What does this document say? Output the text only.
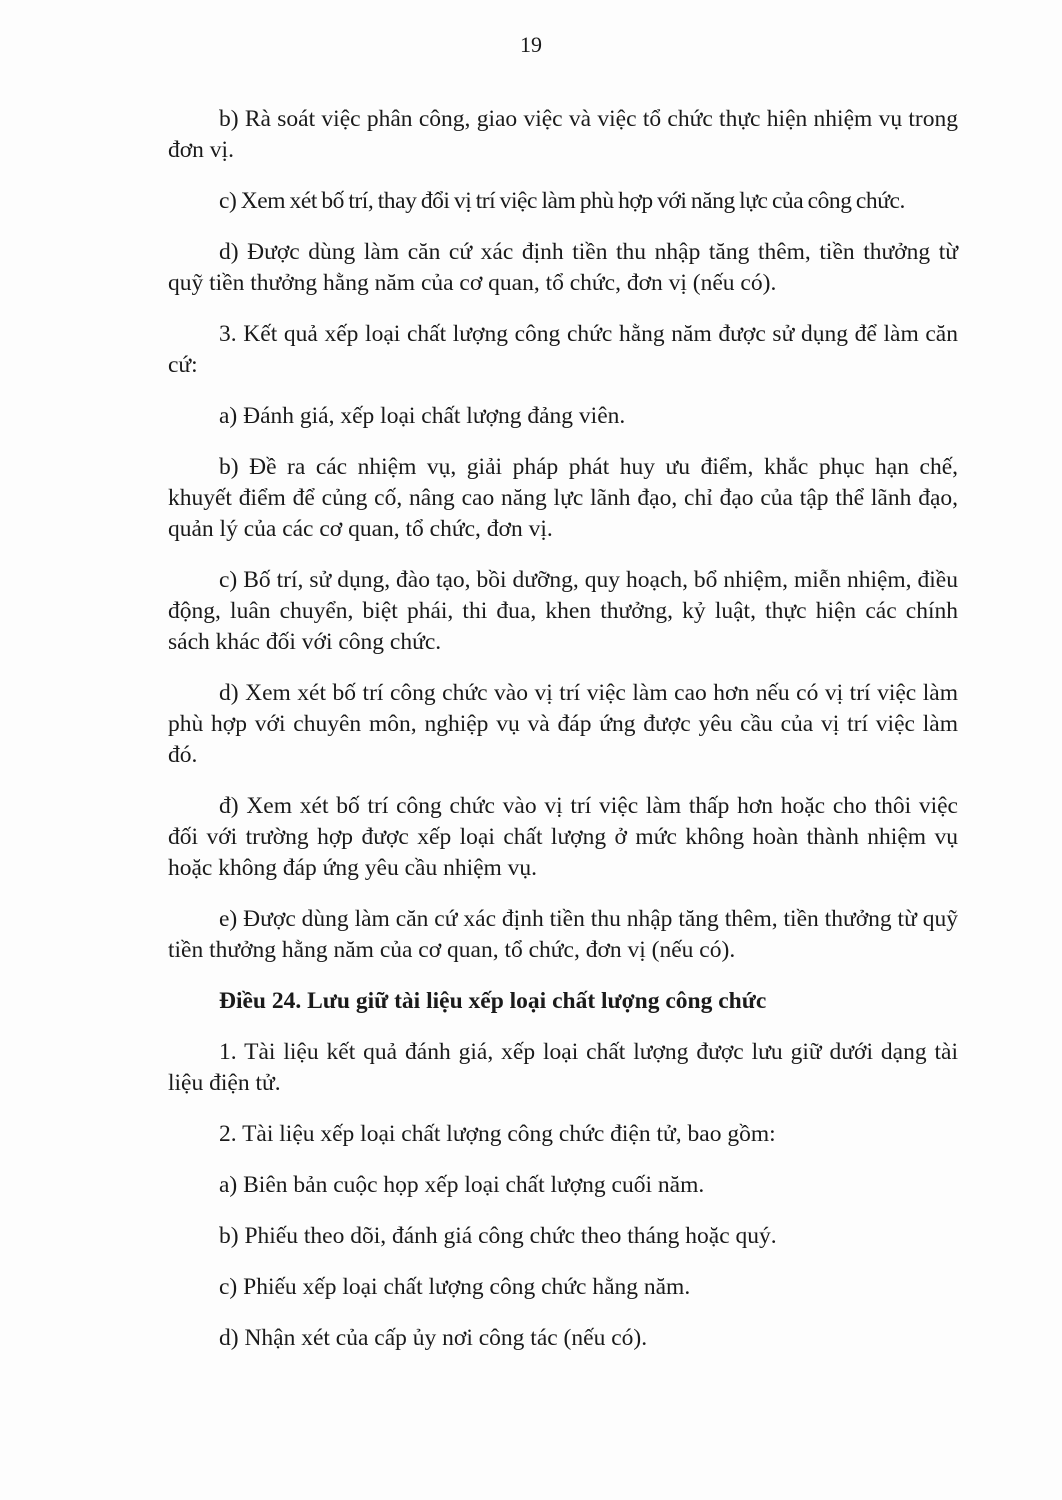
19

b) Rà soát việc phân công, giao việc và việc tổ chức thực hiện nhiệm vụ trong đơn vị.

c) Xem xét bố trí, thay đổi vị trí việc làm phù hợp với năng lực của công chức.

d) Được dùng làm căn cứ xác định tiền thu nhập tăng thêm, tiền thưởng từ quỹ tiền thưởng hằng năm của cơ quan, tổ chức, đơn vị (nếu có).

3. Kết quả xếp loại chất lượng công chức hằng năm được sử dụng để làm căn cứ:

a) Đánh giá, xếp loại chất lượng đảng viên.

b) Đề ra các nhiệm vụ, giải pháp phát huy ưu điểm, khắc phục hạn chế, khuyết điểm để củng cố, nâng cao năng lực lãnh đạo, chỉ đạo của tập thể lãnh đạo, quản lý của các cơ quan, tổ chức, đơn vị.

c) Bố trí, sử dụng, đào tạo, bồi dưỡng, quy hoạch, bổ nhiệm, miễn nhiệm, điều động, luân chuyển, biệt phái, thi đua, khen thưởng, kỷ luật, thực hiện các chính sách khác đối với công chức.

d) Xem xét bố trí công chức vào vị trí việc làm cao hơn nếu có vị trí việc làm phù hợp với chuyên môn, nghiệp vụ và đáp ứng được yêu cầu của vị trí việc làm đó.

đ) Xem xét bố trí công chức vào vị trí việc làm thấp hơn hoặc cho thôi việc đối với trường hợp được xếp loại chất lượng ở mức không hoàn thành nhiệm vụ hoặc không đáp ứng yêu cầu nhiệm vụ.

e) Được dùng làm căn cứ xác định tiền thu nhập tăng thêm, tiền thưởng từ quỹ tiền thưởng hằng năm của cơ quan, tổ chức, đơn vị (nếu có).

Điều 24. Lưu giữ tài liệu xếp loại chất lượng công chức

1. Tài liệu kết quả đánh giá, xếp loại chất lượng được lưu giữ dưới dạng tài liệu điện tử.

2. Tài liệu xếp loại chất lượng công chức điện tử, bao gồm:

a) Biên bản cuộc họp xếp loại chất lượng cuối năm.

b) Phiếu theo dõi, đánh giá công chức theo tháng hoặc quý.

c) Phiếu xếp loại chất lượng công chức hằng năm.

d) Nhận xét của cấp ủy nơi công tác (nếu có).
